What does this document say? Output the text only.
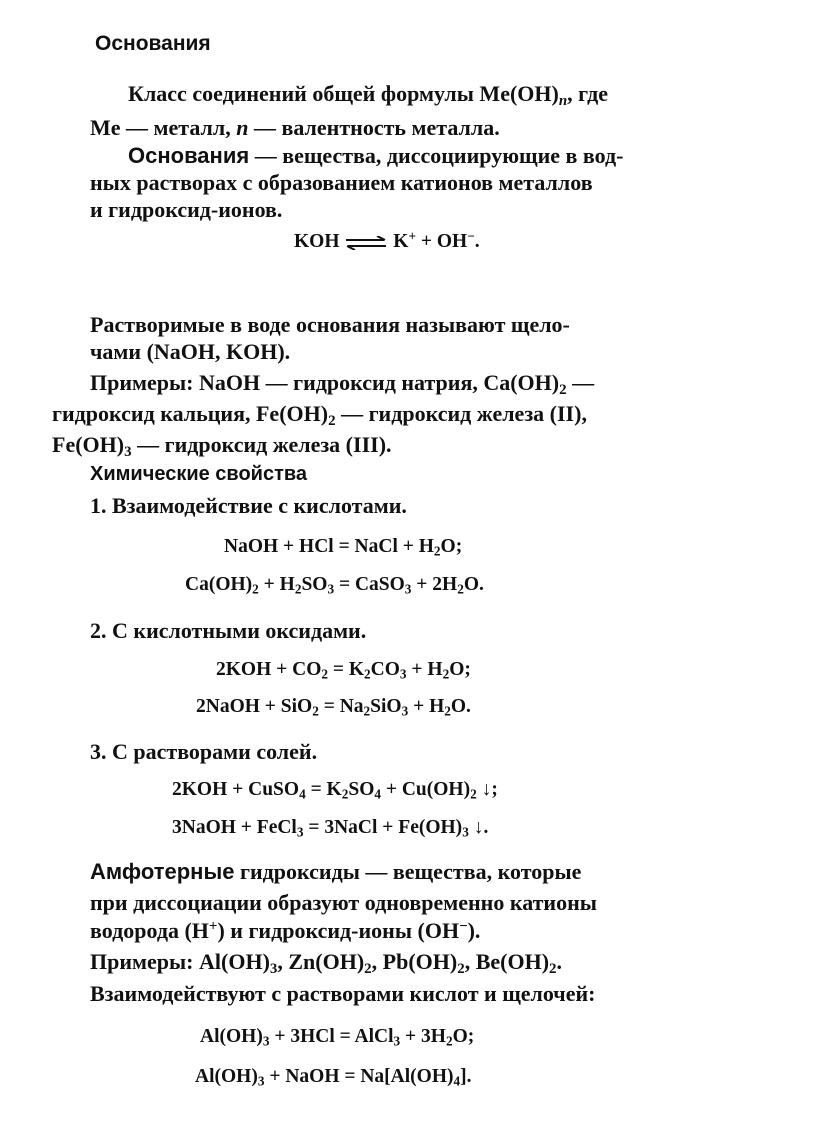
Основания
Класс соединений общей формулы $Me(OH)_n$, где
Me — металл, n — валентность металла.
Основания — вещества, диссоциирующие в вод-
ных растворах с образованием катионов металлов
и гидроксид-ионов.
KOH ⇌ K+ + OH−.
Растворимые в воде основания называют щело-
чами (NaOH, KOH).
Примеры: NaOH — гидроксид натрия, $Ca(OH)_2$ —
гидроксид кальция, $Fe(OH)_2$ — гидроксид железа (II),
$Fe(OH)_3$ — гидроксид железа (III).
Химические свойства
1. Взаимодействие с кислотами.
NaOH + HCl = NaCl + $H_2O$;
$Ca(OH)_2 + H_2SO_3$ = CaSO$_3$ + $2H_2O$.
2. С кислотными оксидами.
$2KOH + CO_2 = K_2CO_3 + H_2O$;
2NaOH + $SiO_2 = Na_2SiO_3 + H_2O$.
3. С растворами солей.
2KOH + CuSO$_4$ = $K_2SO_4 + Cu(OH)_2$ ↓;
3NaOH + FeCl$_3$ = 3NaCl + $Fe(OH)_3$ ↓.
Амфотерные гидроксиды — вещества, которые
при диссоциации образуют одновременно катионы
водорода (H+) и гидроксид-ионы (OH−).
Примеры: $Al(OH)_3$, $Zn(OH)_2$, $Pb(OH)_2$, $Be(OH)_2$.
Взаимодействуют с растворами кислот и щелочей:
$Al(OH)_3 + 3HCl$ = AlCl$_3$ + $3H_2O$;
$Al(OH)_3$ + NaOH = $Na[Al(OH)_4]$.
